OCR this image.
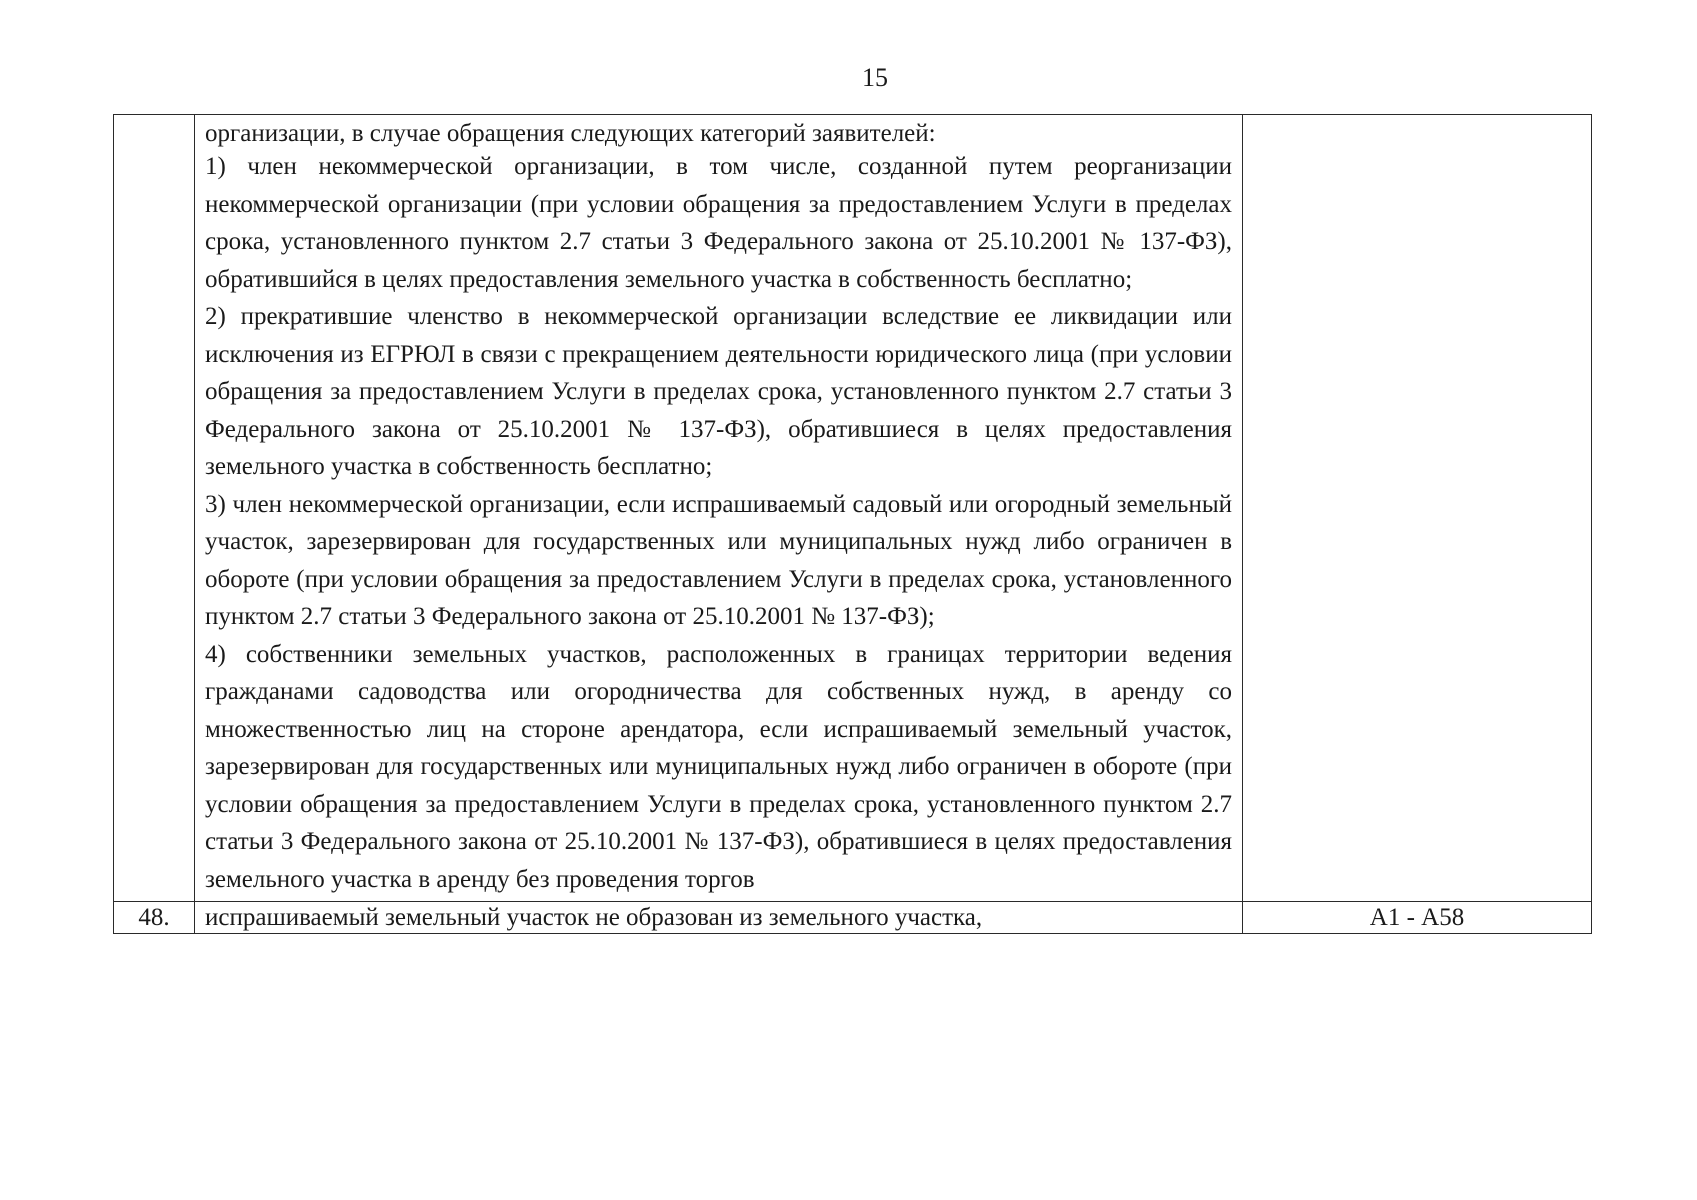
15

	организации, в случае обращения следующих категорий заявителей:
1) член некоммерческой организации, в том числе, созданной путем реорганизации некоммерческой организации (при условии обращения за предоставлением Услуги в пределах срока, установленного пунктом 2.7 статьи 3 Федерального закона от 25.10.2001 № 137-ФЗ), обратившийся в целях предоставления земельного участка в собственность бесплатно;
2) прекратившие членство в некоммерческой организации вследствие ее ликвидации или исключения из ЕГРЮЛ в связи с прекращением деятельности юридического лица (при условии обращения за предоставлением Услуги в пределах срока, установленного пунктом 2.7 статьи 3 Федерального закона от 25.10.2001 № 137-ФЗ), обратившиеся в целях предоставления земельного участка в собственность бесплатно;
3) член некоммерческой организации, если испрашиваемый садовый или огородный земельный участок, зарезервирован для государственных или муниципальных нужд либо ограничен в обороте (при условии обращения за предоставлением Услуги в пределах срока, установленного пунктом 2.7 статьи 3 Федерального закона от 25.10.2001 № 137-ФЗ);
4) собственники земельных участков, расположенных в границах территории ведения гражданами садоводства или огородничества для собственных нужд, в аренду со множественностью лиц на стороне арендатора, если испрашиваемый земельный участок, зарезервирован для государственных или муниципальных нужд либо ограничен в обороте (при условии обращения за предоставлением Услуги в пределах срока, установленного пунктом 2.7 статьи 3 Федерального закона от 25.10.2001 № 137-ФЗ), обратившиеся в целях предоставления земельного участка в аренду без проведения торгов	

48.	испрашиваемый земельный участок не образован из земельного участка,	А1 - А58
